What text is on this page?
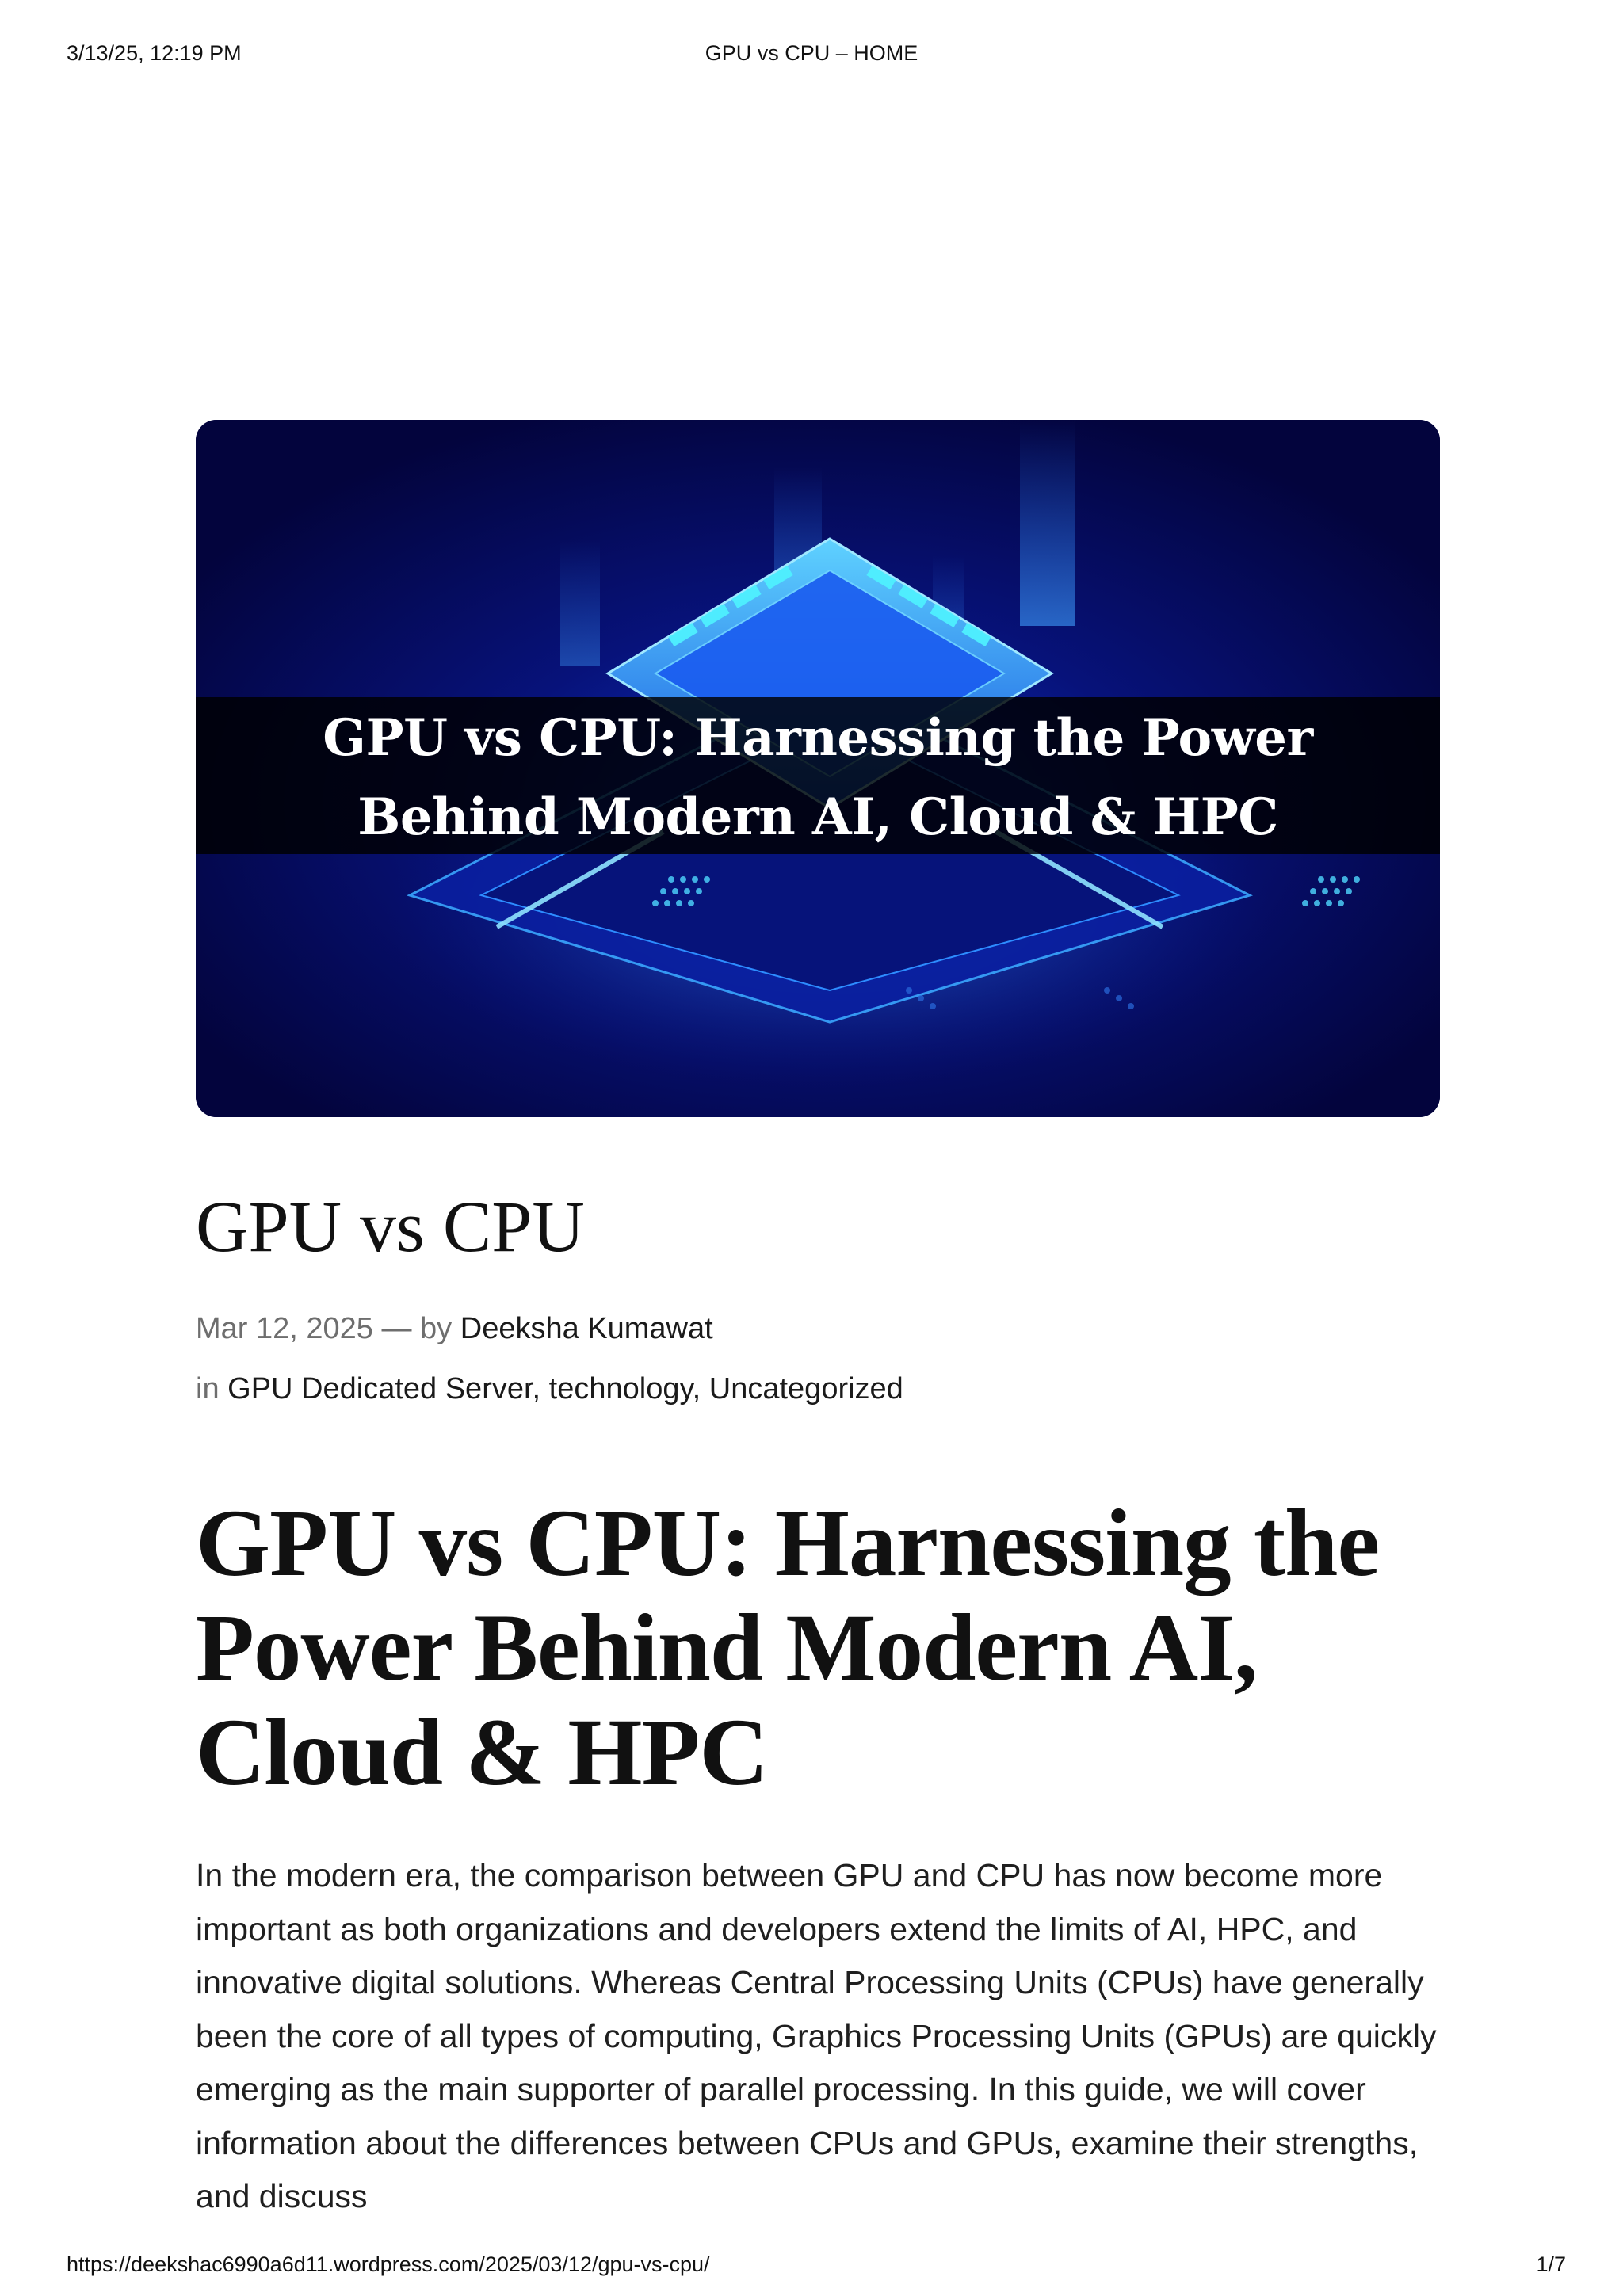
3/13/25, 12:19 PM	GPU vs CPU – HOME
GPU vs CPU: Harnessing the Power
Behind Modern AI, Cloud & HPC
GPU vs CPU
Mar 12, 2025 — by Deeksha Kumawat
in GPU Dedicated Server, technology, Uncategorized
GPU vs CPU: Harnessing the Power Behind Modern AI, Cloud & HPC

In the modern era, the comparison between GPU and CPU has now become more important as both organizations and developers extend the limits of AI, HPC, and innovative digital solutions. Whereas Central Processing Units (CPUs) have generally been the core of all types of computing, Graphics Processing Units (GPUs) are quickly emerging as the main supporter of parallel processing. In this guide, we will cover information about the differences between CPUs and GPUs, examine their strengths, and discuss

https://deekshac6990a6d11.wordpress.com/2025/03/12/gpu-vs-cpu/	1/7
